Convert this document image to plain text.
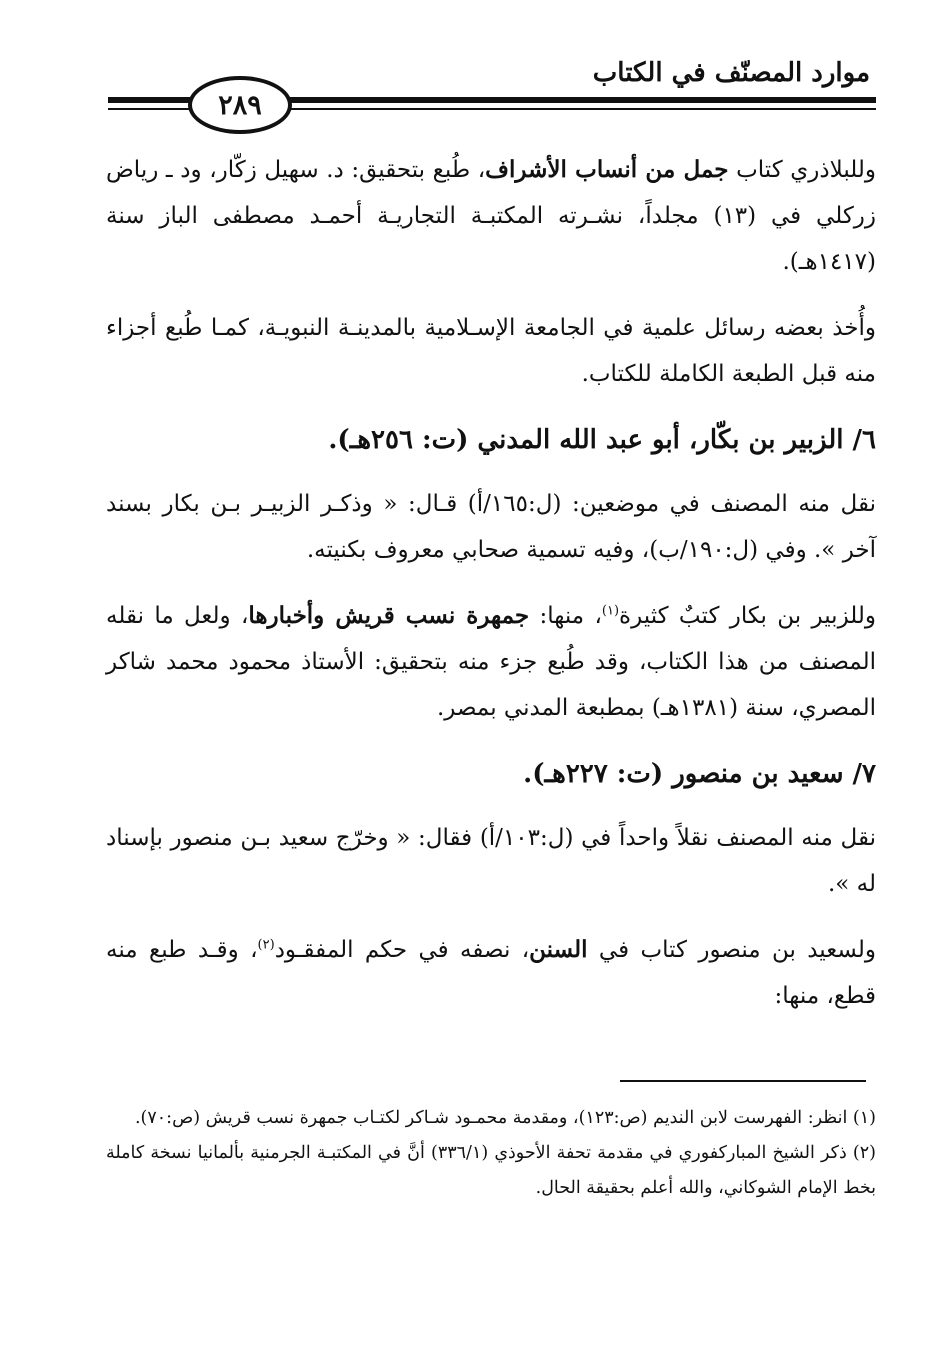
موارد المصنّف في الكتاب
٢٨٩

وللبلاذري كتاب جمل من أنساب الأشراف، طُبع بتحقيق: د. سهيل زكّار، ود ـ رياض زركلي في (١٣) مجلداً، نشـرته المكتبـة التجاريـة أحمـد مصطفى الباز سنة (١٤١٧هـ).

وأُخذ بعضه رسائل علمية في الجامعة الإسـلامية بالمدينـة النبويـة، كمـا طُبع أجزاء منه قبل الطبعة الكاملة للكتاب.

٦/ الزبير بن بكّار، أبو عبد الله المدني (ت: ٢٥٦هـ).

نقل منه المصنف في موضعين: (ل:١٦٥/أ) قـال: « وذكـر الزبيـر بـن بكار بسند آخر ». وفي (ل:١٩٠/ب)، وفيه تسمية صحابي معروف بكنيته.

وللزبير بن بكار كتبٌ كثيرة$^{(١)}$، منها: جمهرة نسب قريش وأخبارها، ولعل ما نقله المصنف من هذا الكتاب، وقد طُبع جزء منه بتحقيق: الأستاذ محمود محمد شاكر المصري، سنة (١٣٨١هـ) بمطبعة المدني بمصر.

٧/ سعيد بن منصور (ت: ٢٢٧هـ).

نقل منه المصنف نقلاً واحداً في (ل:١٠٣/أ) فقال: « وخرّج سعيد بـن منصور بإسناد له ».

ولسعيد بن منصور كتاب في السنن، نصفه في حكم المفقـود$^{(٢)}$، وقـد طبع منه قطع، منها:

(١) انظر: الفهرست لابن النديم (ص:١٢٣)، ومقدمة محمـود شـاكر لكتـاب جمهرة نسب قريش (ص:٧٠).

(٢) ذكر الشيخ المباركفوري في مقدمة تحفة الأحوذي (٣٣٦/١) أنَّ في المكتبـة الجرمنية بألمانيا نسخة كاملة بخط الإمام الشوكاني، والله أعلم بحقيقة الحال.
